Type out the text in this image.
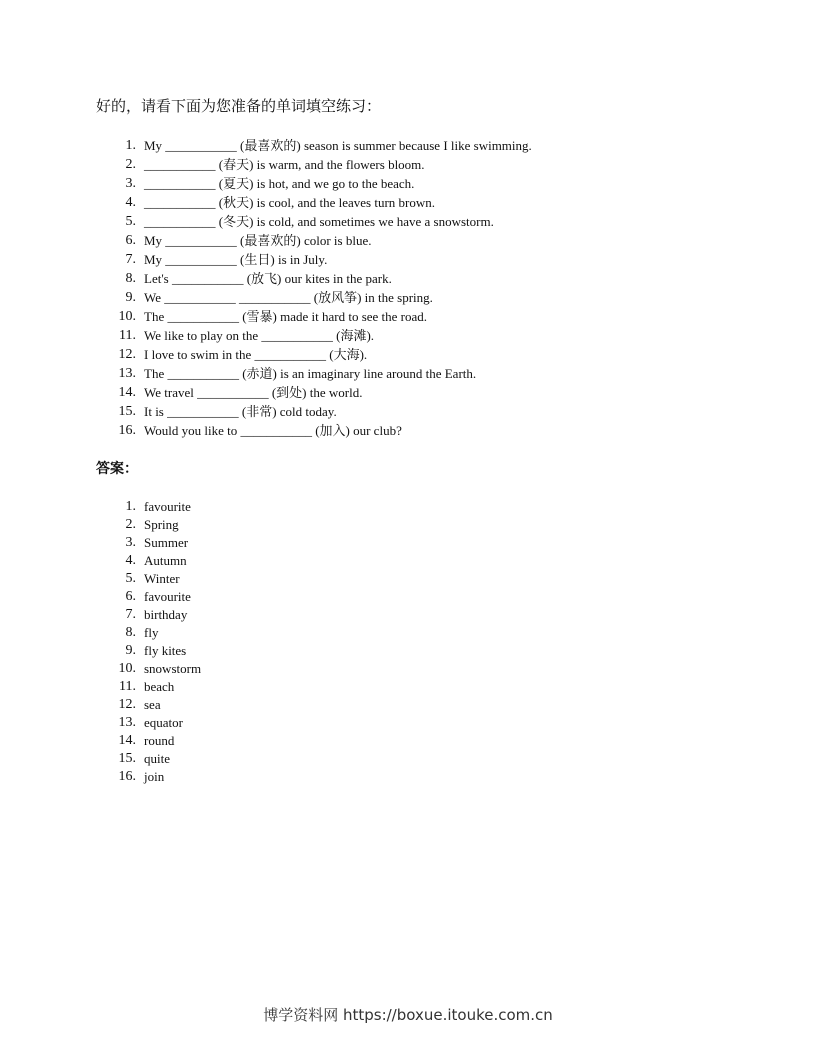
好的，请看下面为您准备的单词填空练习：
1. My ___________ (最喜欢的) season is summer because I like swimming.
2. ___________ (春天) is warm, and the flowers bloom.
3. ___________ (夏天) is hot, and we go to the beach.
4. ___________ (秋天) is cool, and the leaves turn brown.
5. ___________ (冬天) is cold, and sometimes we have a snowstorm.
6. My ___________ (最喜欢的) color is blue.
7. My ___________ (生日) is in July.
8. Let's ___________ (放飞) our kites in the park.
9. We ___________ ___________ (放风筝) in the spring.
10. The ___________ (雪暴) made it hard to see the road.
11. We like to play on the ___________ (海滩).
12. I love to swim in the ___________ (大海).
13. The ___________ (赤道) is an imaginary line around the Earth.
14. We travel ___________ (到处) the world.
15. It is ___________ (非常) cold today.
16. Would you like to ___________ (加入) our club?
答案：
1. favourite
2. Spring
3. Summer
4. Autumn
5. Winter
6. favourite
7. birthday
8. fly
9. fly kites
10. snowstorm
11. beach
12. sea
13. equator
14. round
15. quite
16. join
博学资料网 https://boxue.itouke.com.cn
